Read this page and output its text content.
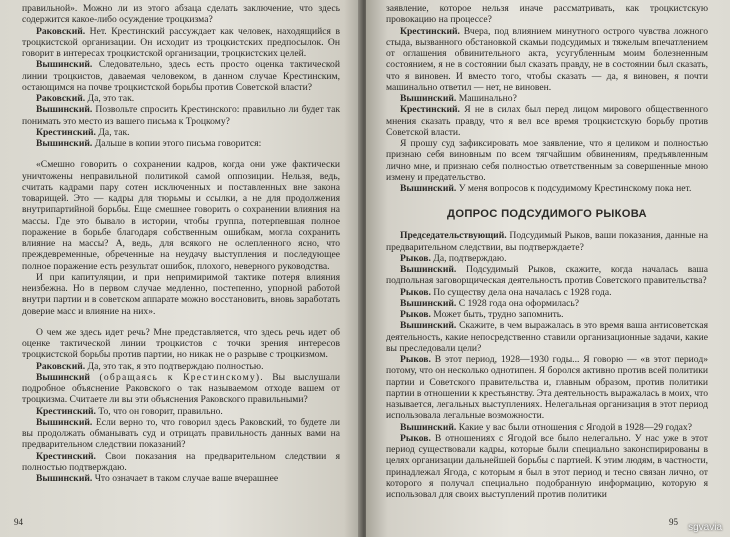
правильной». Можно ли из этого абзаца сделать заключение, что здесь содержится какое-либо осуждение троцкизма?

Раковский. Нет. Крестинский рассуждает как человек, находящийся в троцкистской организации. Он исходит из троцкистских предпосылок. Он говорит в интересах троцкистской организации, троцкистских целей.

Вышинский. Следовательно, здесь есть просто оценка тактической линии троцкистов, даваемая человеком, в данном случае Крестинским, остающимся на почве троцкистской борьбы против Советской власти?

Раковский. Да, это так.

Вышинский. Позвольте спросить Крестинского: правильно ли будет так понимать это место из вашего письма к Троцкому?

Крестинский. Да, так.

Вышинский. Дальше в копии этого письма говорится:

«Смешно говорить о сохранении кадров, когда они уже фактически уничтожены неправильной политикой самой оппозиции. Нельзя, ведь, считать кадрами пару сотен исключенных и поставленных вне закона товарищей. Это — кадры для тюрьмы и ссылки, а не для продолжения внутрипартийной борьбы. Еще смешнее говорить о сохранении влияния на массы. Где это бывало в истории, чтобы группа, потерпевшая полное поражение в борьбе благодаря собственным ошибкам, могла сохранить влияние на массы? А, ведь, для всякого не ослепленного ясно, что преждевременные, обреченные на неудачу выступления и последующее полное поражение есть результат ошибок, плохого, неверного руководства.

И при капитуляции, и при непримиримой тактике потеря влияния неизбежна. Но в первом случае медленно, постепенно, упорной работой внутри партии и в советском аппарате можно восстановить, вновь заработать доверие масс и влияние на них».

О чем же здесь идет речь? Мне представляется, что здесь речь идет об оценке тактической линии троцкистов с точки зрения интересов троцкистской борьбы против партии, но никак не о разрыве с троцкизмом.

Раковский. Да, это так, я это подтверждаю полностью.

Вышинский (обращаясь к Крестинскому). Вы выслушали подробное объяснение Раковского о так называемом отходе вашем от троцкизма. Считаете ли вы эти объяснения Раковского правильными?

Крестинский. То, что он говорит, правильно.

Вышинский. Если верно то, что говорил здесь Раковский, то будете ли вы продолжать обманывать суд и отрицать правильность данных вами на предварительном следствии показаний?

Крестинский. Свои показания на предварительном следствии я полностью подтверждаю.

Вышинский. Что означает в таком случае ваше вчерашнее

94

заявление, которое нельзя иначе рассматривать, как троцкистскую провокацию на процессе?

Крестинский. Вчера, под влиянием минутного острого чувства ложного стыда, вызванного обстановкой скамьи подсудимых и тяжелым впечатлением от оглашения обвинительного акта, усугубленным моим болезненным состоянием, я не в состоянии был сказать правду, не в состоянии был сказать, что я виновен. И вместо того, чтобы сказать — да, я виновен, я почти машинально ответил — нет, не виновен.

Вышинский. Машинально?

Крестинский. Я не в силах был перед лицом мирового общественного мнения сказать правду, что я вел все время троцкистскую борьбу против Советской власти.

Я прошу суд зафиксировать мое заявление, что я целиком и полностью признаю себя виновным по всем тягчайшим обвинениям, предъявленным лично мне, и признаю себя полностью ответственным за совершенные мною измену и предательство.

Вышинский. У меня вопросов к подсудимому Крестинскому пока нет.

ДОПРОС ПОДСУДИМОГО РЫКОВА

Председательствующий. Подсудимый Рыков, ваши показания, данные на предварительном следствии, вы подтверждаете?

Рыков. Да, подтверждаю.

Вышинский. Подсудимый Рыков, скажите, когда началась ваша подпольная заговорщическая деятельность против Советского правительства?

Рыков. По существу дела она началась с 1928 года.

Вышинский. С 1928 года она оформилась?

Рыков. Может быть, трудно запомнить.

Вышинский. Скажите, в чем выражалась в это время ваша антисоветская деятельность, какие непосредственно ставили организационные задачи, какие вы преследовали цели?

Рыков. В этот период, 1928—1930 годы... Я говорю — «в этот период» потому, что он несколько однотипен. Я боролся активно против всей политики партии и Советского правительства и, главным образом, против политики партии в отношении к крестьянству. Эта деятельность выражалась в моих, что называется, легальных выступлениях. Нелегальная организация в этот период использовала легальные возможности.

Вышинский. Какие у вас были отношения с Ягодой в 1928—29 годах?

Рыков. В отношениях с Ягодой все было нелегально. У нас уже в этот период существовали кадры, которые были специально законспирированы в целях организации дальнейшей борьбы с партией. К этим людям, в частности, принадлежал Ягода, с которым я был в этот период и тесно связан лично, от которого я получал специально подобранную информацию, которую я использовал для своих выступлений против политики

95 sgvavia
